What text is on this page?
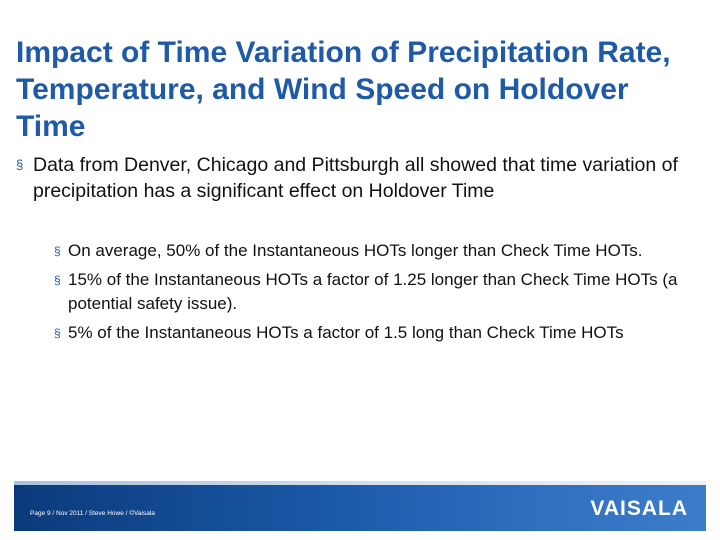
Impact of Time Variation of Precipitation Rate, Temperature, and Wind Speed on Holdover Time
§ Data from Denver, Chicago and Pittsburgh all showed that time variation of precipitation has a significant effect on Holdover Time
§ On average, 50% of the Instantaneous HOTs longer than Check Time HOTs.
§ 15% of the Instantaneous HOTs a factor of 1.25 longer than Check Time HOTs (a potential safety issue).
§ 5% of the Instantaneous HOTs a factor of 1.5 long than Check Time HOTs
Page 9 / Nov 2011 / Steve Howe / ©Vaisala	VAISALA
